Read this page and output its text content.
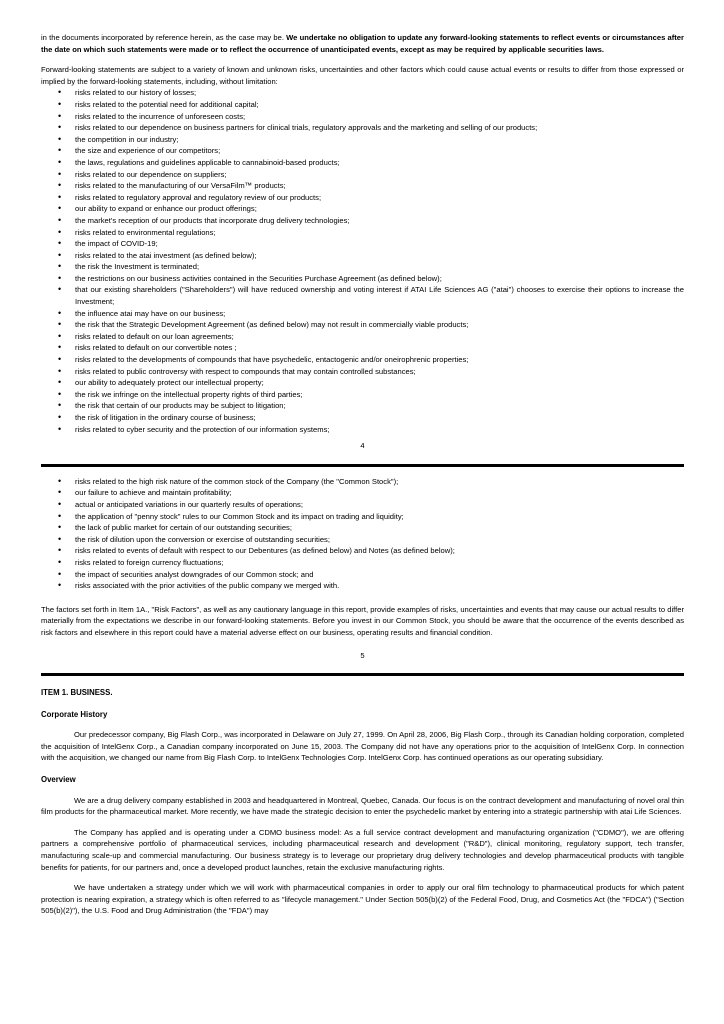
in the documents incorporated by reference herein, as the case may be. We undertake no obligation to update any forward-looking statements to reflect events or circumstances after the date on which such statements were made or to reflect the occurrence of unanticipated events, except as may be required by applicable securities laws.

Forward-looking statements are subject to a variety of known and unknown risks, uncertainties and other factors which could cause actual events or results to differ from those expressed or implied by the forward-looking statements, including, without limitation:

• risks related to our history of losses;
• risks related to the potential need for additional capital;
• risks related to the incurrence of unforeseen costs;
• risks related to our dependence on business partners for clinical trials, regulatory approvals and the marketing and selling of our products;
• the competition in our industry;
• the size and experience of our competitors;
• the laws, regulations and guidelines applicable to cannabinoid-based products;
• risks related to our dependence on suppliers;
• risks related to the manufacturing of our VersaFilm™ products;
• risks related to regulatory approval and regulatory review of our products;
• our ability to expand or enhance our product offerings;
• the market's reception of our products that incorporate drug delivery technologies;
• risks related to environmental regulations;
• the impact of COVID-19;
• risks related to the atai investment (as defined below);
• the risk the Investment is terminated;
• the restrictions on our business activities contained in the Securities Purchase Agreement (as defined below);
• that our existing shareholders ("Shareholders") will have reduced ownership and voting interest if ATAI Life Sciences AG ("atai") chooses to exercise their options to increase the Investment;
• the influence atai may have on our business;
• the risk that the Strategic Development Agreement (as defined below) may not result in commercially viable products;
• risks related to default on our loan agreements;
• risks related to default on our convertible notes ;
• risks related to the developments of compounds that have psychedelic, entactogenic and/or oneirophrenic properties;
• risks related to public controversy with respect to compounds that may contain controlled substances;
• our ability to adequately protect our intellectual property;
• the risk we infringe on the intellectual property rights of third parties;
• the risk that certain of our products may be subject to litigation;
• the risk of litigation in the ordinary course of business;
• risks related to cyber security and the protection of our information systems;
4
• risks related to the high risk nature of the common stock of the Company (the "Common Stock");
• our failure to achieve and maintain profitability;
• actual or anticipated variations in our quarterly results of operations;
• the application of "penny stock" rules to our Common Stock and its impact on trading and liquidity;
• the lack of public market for certain of our outstanding securities;
• the risk of dilution upon the conversion or exercise of outstanding securities;
• risks related to events of default with respect to our Debentures (as defined below) and Notes (as defined below);
• risks related to foreign currency fluctuations;
• the impact of securities analyst downgrades of our Common stock; and
• risks associated with the prior activities of the public company we merged with.

The factors set forth in Item 1A., "Risk Factors", as well as any cautionary language in this report, provide examples of risks, uncertainties and events that may cause our actual results to differ materially from the expectations we describe in our forward-looking statements. Before you invest in our Common Stock, you should be aware that the occurrence of the events described as risk factors and elsewhere in this report could have a material adverse effect on our business, operating results and financial condition.

5
ITEM 1. BUSINESS.
Corporate History

Our predecessor company, Big Flash Corp., was incorporated in Delaware on July 27, 1999. On April 28, 2006, Big Flash Corp., through its Canadian holding corporation, completed the acquisition of IntelGenx Corp., a Canadian company incorporated on June 15, 2003. The Company did not have any operations prior to the acquisition of IntelGenx Corp. In connection with the acquisition, we changed our name from Big Flash Corp. to IntelGenx Technologies Corp. IntelGenx Corp. has continued operations as our operating subsidiary.

Overview

We are a drug delivery company established in 2003 and headquartered in Montreal, Quebec, Canada. Our focus is on the contract development and manufacturing of novel oral thin film products for the pharmaceutical market. More recently, we have made the strategic decision to enter the psychedelic market by entering into a strategic partnership with atai Life Sciences.

The Company has applied and is operating under a CDMO business model: As a full service contract development and manufacturing organization ("CDMO"), we are offering partners a comprehensive portfolio of pharmaceutical services, including pharmaceutical research and development ("R&D"), clinical monitoring, regulatory support, tech transfer, manufacturing scale-up and commercial manufacturing. Our business strategy is to leverage our proprietary drug delivery technologies and develop pharmaceutical products with tangible benefits for patients, for our partners and, once a developed product launches, retain the exclusive manufacturing rights.

We have undertaken a strategy under which we will work with pharmaceutical companies in order to apply our oral film technology to pharmaceutical products for which patent protection is nearing expiration, a strategy which is often referred to as "lifecycle management." Under Section 505(b)(2) of the Federal Food, Drug, and Cosmetics Act (the "FDCA") ("Section 505(b)(2)"), the U.S. Food and Drug Administration (the "FDA") may
